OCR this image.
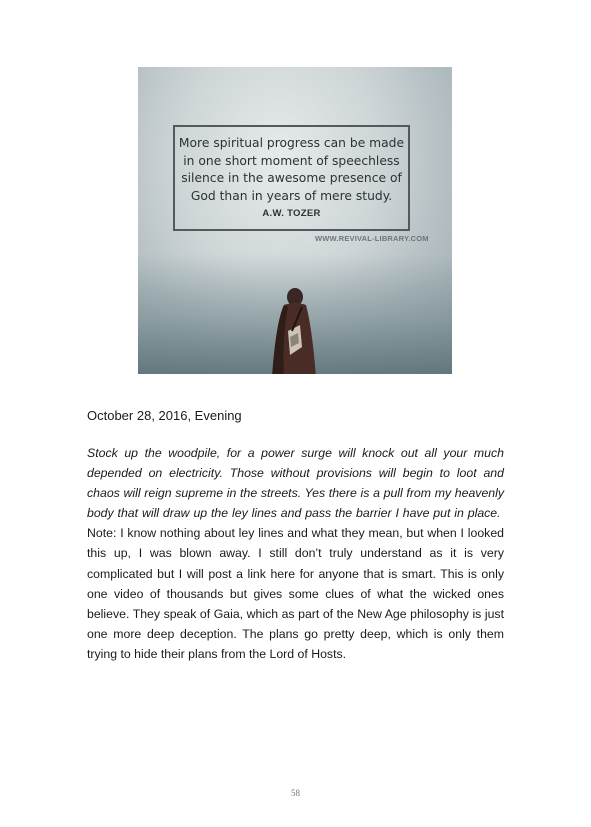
More spiritual progress can be made

in one short moment of speechless

silence in the awesome presence of

God than in years of mere study.

A.W. TOZER
WWW.REVIVAL-LIBRARY.COM
October 28, 2016, Evening

Stock up the woodpile, for a power surge will knock out all your much depended on electricity. Those without provisions will begin to loot and chaos will reign supreme in the streets. Yes there is a pull from my heavenly body that will draw up the ley lines and pass the barrier I have put in place.  Note: I know nothing about ley lines and what they mean, but when I looked this up, I was blown away. I still don’t truly understand as it is very complicated but I will post a link here for anyone that is smart. This is only one video of thousands but gives some clues of what the wicked ones believe. They speak of Gaia, which as part of the New Age philosophy is just one more deep deception. The plans go pretty deep, which is only them trying to hide their plans from the Lord of Hosts.

58
